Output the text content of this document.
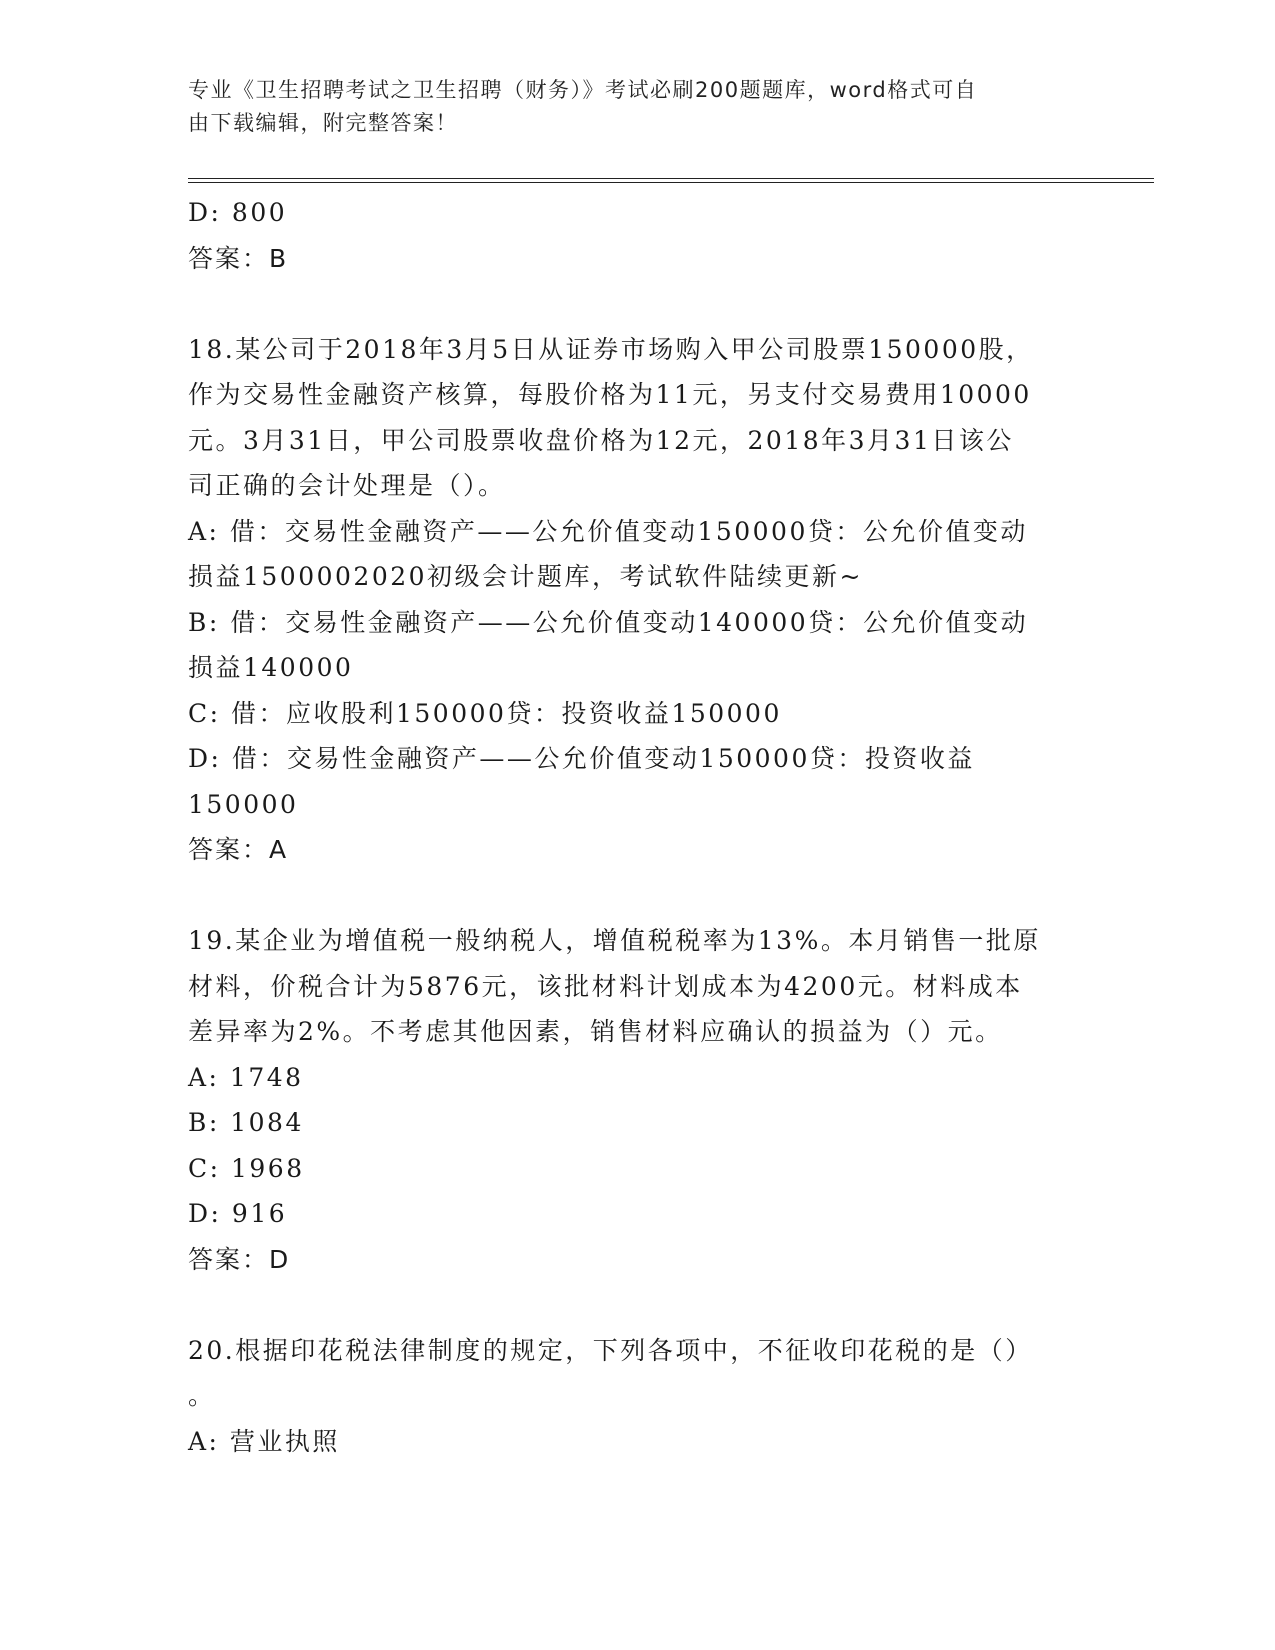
专业《卫生招聘考试之卫生招聘（财务）》考试必刷200题题库，word格式可自
由下载编辑，附完整答案！
D: 800
答案：B
18.某公司于2018年3月5日从证券市场购入甲公司股票150000股，
作为交易性金融资产核算，每股价格为11元，另支付交易费用10000
元。3月31日，甲公司股票收盘价格为12元，2018年3月31日该公
司正确的会计处理是（）。
A: 借：交易性金融资产——公允价值变动150000贷：公允价值变动
损益1500002020初级会计题库，考试软件陆续更新~
B: 借：交易性金融资产——公允价值变动140000贷：公允价值变动
损益140000
C: 借：应收股利150000贷：投资收益150000
D: 借：交易性金融资产——公允价值变动150000贷：投资收益
150000
答案：A
19.某企业为增值税一般纳税人，增值税税率为13%。本月销售一批原
材料，价税合计为5876元，该批材料计划成本为4200元。材料成本
差异率为2%。不考虑其他因素，销售材料应确认的损益为（）元。
A: 1748
B: 1084
C: 1968
D: 916
答案：D
20.根据印花税法律制度的规定，下列各项中，不征收印花税的是（）
。
A: 营业执照
